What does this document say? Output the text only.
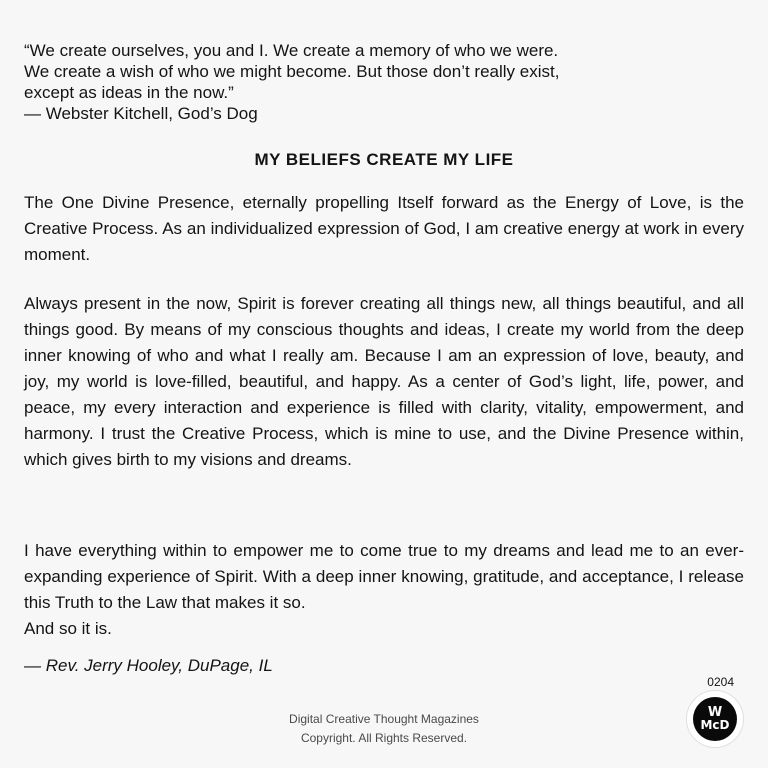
“We create ourselves, you and I. We create a memory of who we were.
We create a wish of who we might become. But those don’t really exist,
except as ideas in the now.”
— Webster Kitchell, God’s Dog
MY BELIEFS CREATE MY LIFE

The One Divine Presence, eternally propelling Itself forward as the Energy of Love, is the Creative Process. As an individualized expression of God, I am creative energy at work in every moment.

Always present in the now, Spirit is forever creating all things new, all things beautiful, and all things good. By means of my conscious thoughts and ideas, I create my world from the deep inner knowing of who and what I really am. Because I am an expression of love, beauty, and joy, my world is love-filled, beautiful, and happy. As a center of God’s light, life, power, and peace, my every interaction and experience is filled with clarity, vitality, empowerment, and harmony. I trust the Creative Process, which is mine to use, and the Divine Presence within, which gives birth to my visions and dreams.

I have everything within to empower me to come true to my dreams and lead me to an ever-expanding experience of Spirit. With a deep inner knowing, gratitude, and acceptance, I release this Truth to the Law that makes it so.
And so it is.
— Rev. Jerry Hooley, DuPage, IL
0204
Digital Creative Thought Magazines
Copyright. All Rights Reserved.
W
McD
